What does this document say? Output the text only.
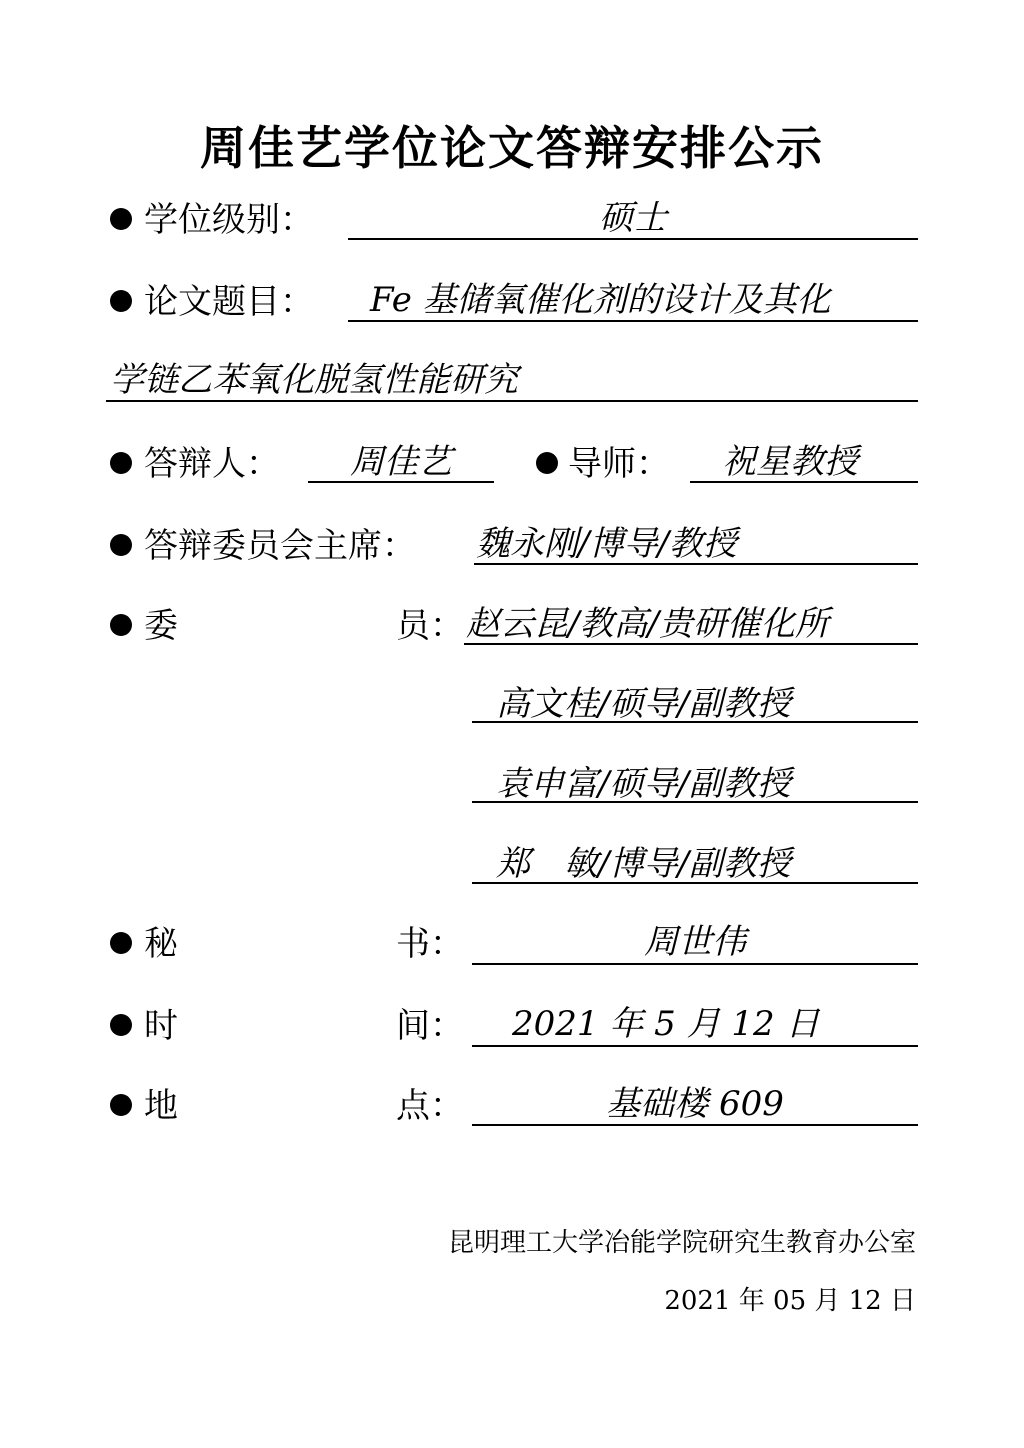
周佳艺学位论文答辩安排公示
学位级别：	硕士
论文题目： Fe 基储氧催化剂的设计及其化
学链乙苯氧化脱氢性能研究
答辩人：	周佳艺	导师：	祝星教授
答辩委员会主席： 魏永刚/博导/教授
委	员： 赵云昆/教高/贵研催化所
高文桂/硕导/副教授
袁申富/硕导/副教授
郑　敏/博导/副教授
秘	书：	周世伟
时	间： 2021 年 5 月 12 日
地	点：	基础楼 609
昆明理工大学冶能学院研究生教育办公室
2021 年 05 月 12 日
